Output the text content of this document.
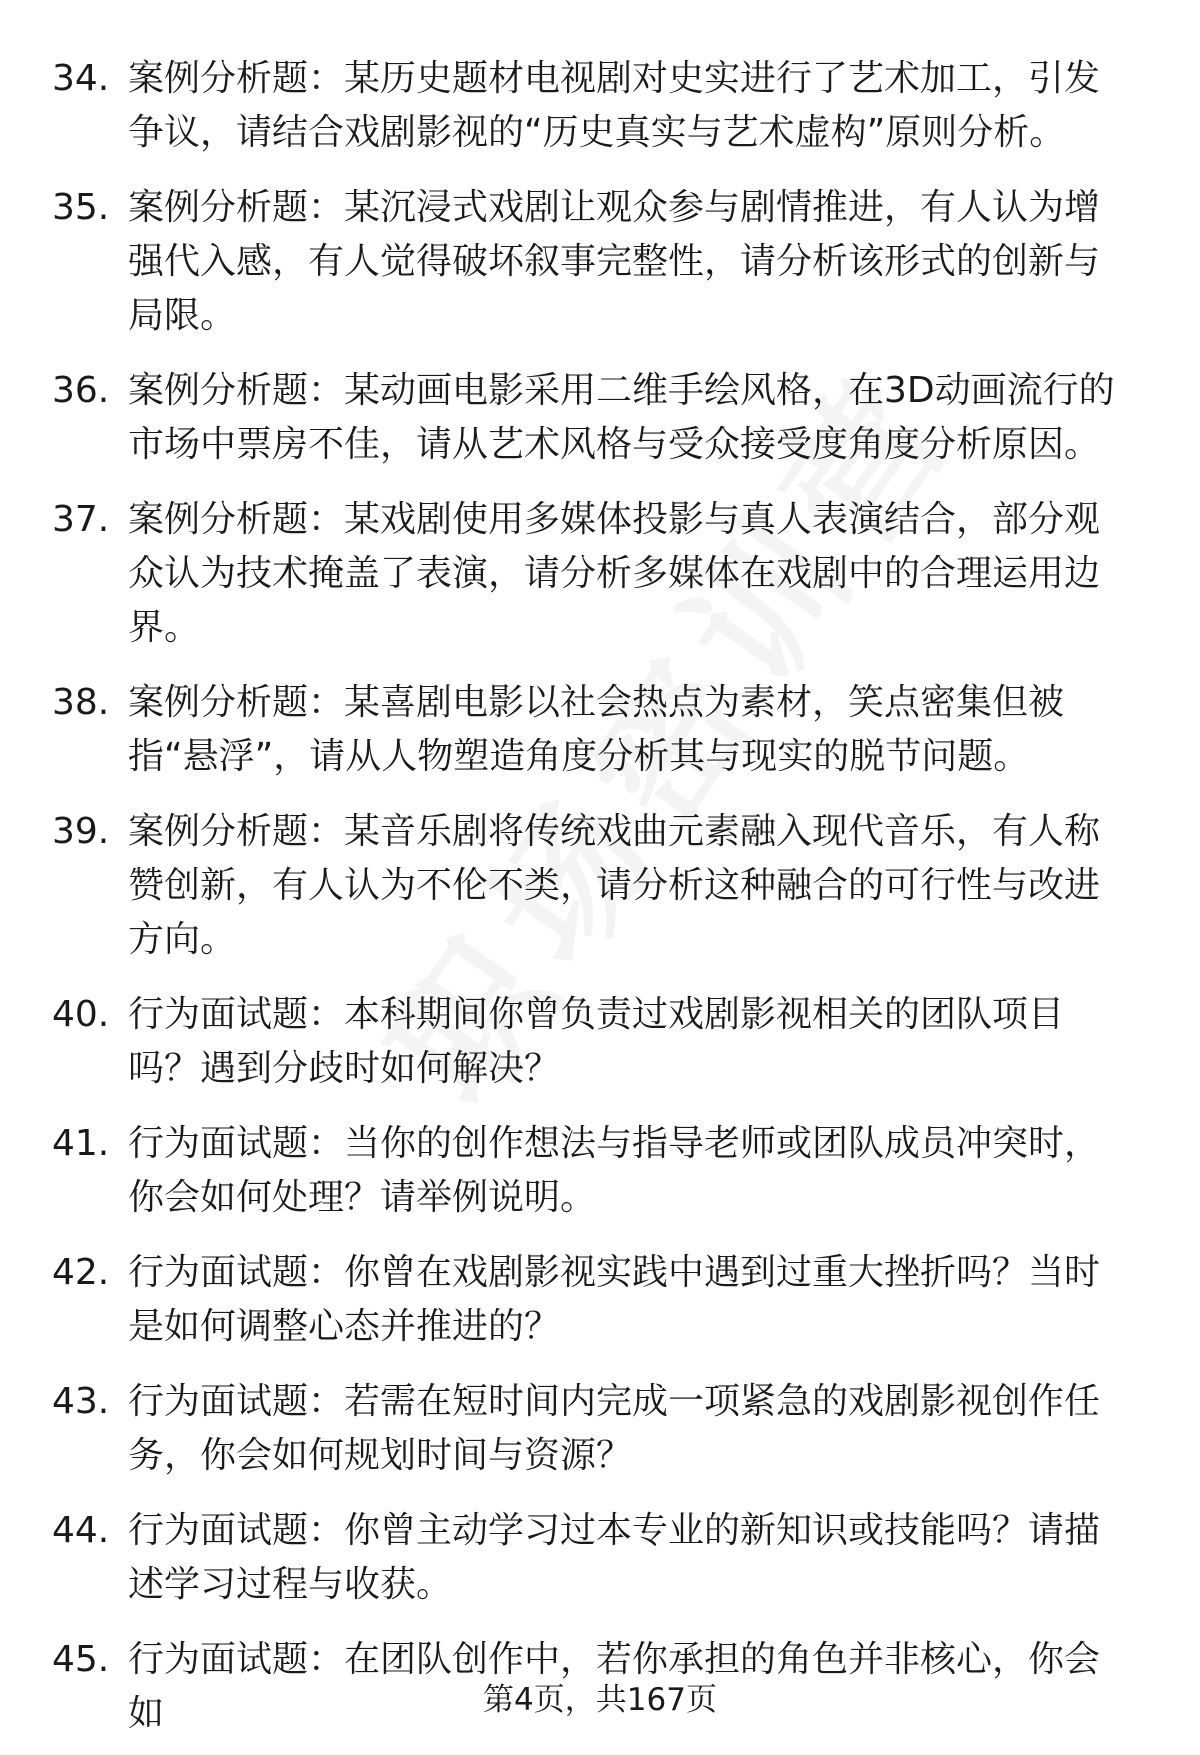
34. 案例分析题：某历史题材电视剧对史实进行了艺术加工，引发争议，请结合戏剧影视的“历史真实与艺术虚构”原则分析。
35. 案例分析题：某沉浸式戏剧让观众参与剧情推进，有人认为增强代入感，有人觉得破坏叙事完整性，请分析该形式的创新与局限。
36. 案例分析题：某动画电影采用二维手绘风格，在3D动画流行的市场中票房不佳，请从艺术风格与受众接受度角度分析原因。
37. 案例分析题：某戏剧使用多媒体投影与真人表演结合，部分观众认为技术掩盖了表演，请分析多媒体在戏剧中的合理运用边界。
38. 案例分析题：某喜剧电影以社会热点为素材，笑点密集但被指“悬浮”，请从人物塑造角度分析其与现实的脱节问题。
39. 案例分析题：某音乐剧将传统戏曲元素融入现代音乐，有人称赞创新，有人认为不伦不类，请分析这种融合的可行性与改进方向。
40. 行为面试题：本科期间你曾负责过戏剧影视相关的团队项目吗？遇到分歧时如何解决？
41. 行为面试题：当你的创作想法与指导老师或团队成员冲突时，你会如何处理？请举例说明。
42. 行为面试题：你曾在戏剧影视实践中遇到过重大挫折吗？当时是如何调整心态并推进的？
43. 行为面试题：若需在短时间内完成一项紧急的戏剧影视创作任务，你会如何规划时间与资源？
44. 行为面试题：你曾主动学习过本专业的新知识或技能吗？请描述学习过程与收获。
45. 行为面试题：在团队创作中，若你承担的角色并非核心，你会如	第4页，共167页
